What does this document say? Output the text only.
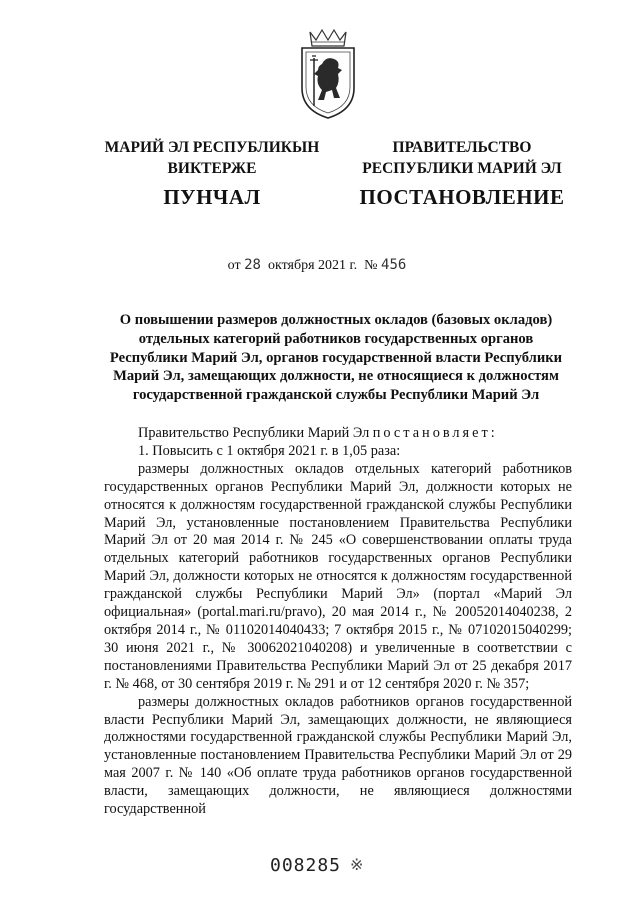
МАРИЙ ЭЛ РЕСПУБЛИКЫН
ВИКТЕРЖЕ
ПУНЧАЛ
ПРАВИТЕЛЬСТВО
РЕСПУБЛИКИ МАРИЙ ЭЛ
ПОСТАНОВЛЕНИЕ
от 28 октября 2021 г. № 456
О повышении размеров должностных окладов (базовых окладов)
отдельных категорий работников государственных органов
Республики Марий Эл, органов государственной власти Республики
Марий Эл, замещающих должности, не относящиеся к должностям
государственной гражданской службы Республики Марий Эл

Правительство Республики Марий Эл постановляет:

1. Повысить с 1 октября 2021 г. в 1,05 раза:

размеры должностных окладов отдельных категорий работников государственных органов Республики Марий Эл, должности которых не относятся к должностям государственной гражданской службы Республики Марий Эл, установленные постановлением Правительства Республики Марий Эл от 20 мая 2014 г. № 245 «О совершенствовании оплаты труда отдельных категорий работников государственных органов Республики Марий Эл, должности которых не относятся к должностям государственной гражданской службы Республики Марий Эл» (портал «Марий Эл официальная» (portal.mari.ru/pravo), 20 мая 2014 г., № 20052014040238, 2 октября 2014 г., № 01102014040433; 7 октября 2015 г., № 07102015040299; 30 июня 2021 г., № 30062021040208) и увеличенные в соответствии с постановлениями Правительства Республики Марий Эл от 25 декабря 2017 г. № 468, от 30 сентября 2019 г. № 291 и от 12 сентября 2020 г. № 357;

размеры должностных окладов работников органов государственной власти Республики Марий Эл, замещающих должности, не являющиеся должностями государственной гражданской службы Республики Марий Эл, установленные постановлением Правительства Республики Марий Эл от 29 мая 2007 г. № 140 «Об оплате труда работников органов государственной власти, замещающих должности, не являющиеся должностями государственной

008285 ※
